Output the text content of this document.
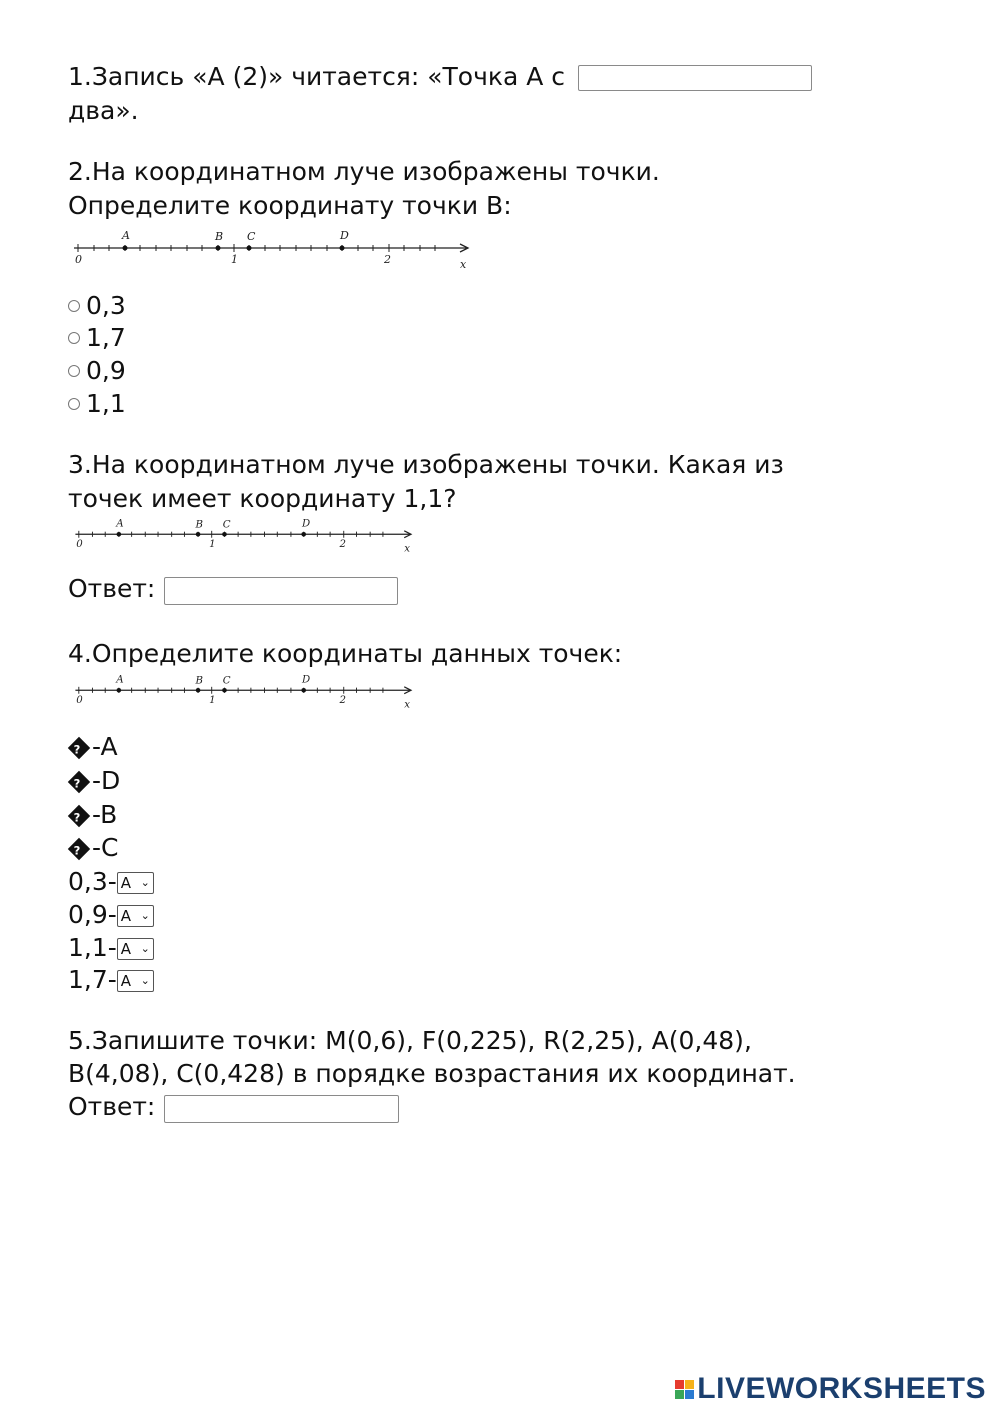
1.Запись «А (2)» читается: «Точка А с
два».
2.На координатном луче изображены точки.
Определите координату точки В:
A	B C	D
0	1	2	x
0,3
1,7
0,9
1,1
3.На координатном луче изображены точки. Какая из
точек имеет координату 1,1?
A	B C	D
0	1	2	x
Ответ:
4.Определите координаты данных точек:
A	B C	D
0	1	2	x
? -A
? -D
? -B
? -C
0,3- A ⌄
0,9- A ⌄
1,1- A ⌄
1,7- A ⌄
5.Запишите точки: M(0,6), F(0,225), R(2,25), A(0,48),
B(4,08), C(0,428) в порядке возрастания их координат.
Ответ:
LIVEWORKSHEETS
